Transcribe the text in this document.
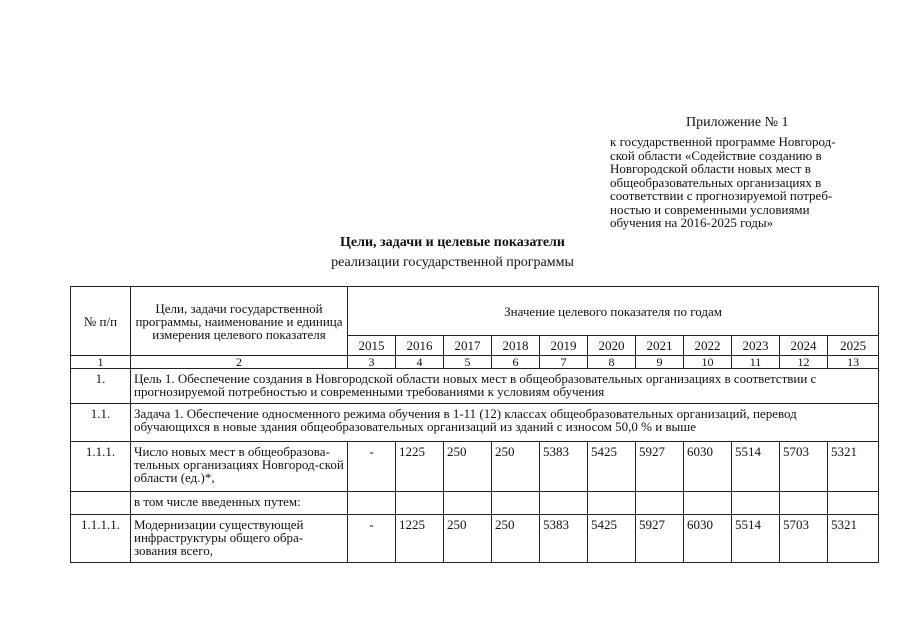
Приложение № 1
к государственной программе Новгород-
ской области «Содействие созданию в
Новгородской области новых мест в
общеобразовательных организациях в
соответствии с прогнозируемой потреб-
ностью и современными условиями
обучения на 2016-2025 годы»
Цели, задачи и целевые показатели
реализации государственной программы
№ п/п	Цели, задачи государственной программы, наименование и единица измерения целевого показателя	Значение целевого показателя по годам										
		2015	2016	2017	2018	2019	2020	2021	2022	2023	2024	2025
1	2	3	4	5	6	7	8	9	10	11	12	13
1.	Цель 1. Обеспечение создания в Новгородской области новых мест в общеобразовательных организациях в соответствии с прогнозируемой потребностью и современными требованиями к условиям обучения											
1.1.	Задача 1. Обеспечение односменного режима обучения в 1-11 (12) классах общеобразовательных организаций, перевод обучающихся в новые здания общеобразовательных организаций из зданий с износом 50,0 % и выше											
1.1.1.	Число новых мест в общеобразова-тельных организациях Новгород-ской области (ед.)*,	-	1225	250	250	5383	5425	5927	6030	5514	5703	5321
	в том числе введенных путем:											
1.1.1.1.	Модернизации существующей инфраструктуры общего обра-зования всего,	-	1225	250	250	5383	5425	5927	6030	5514	5703	5321
